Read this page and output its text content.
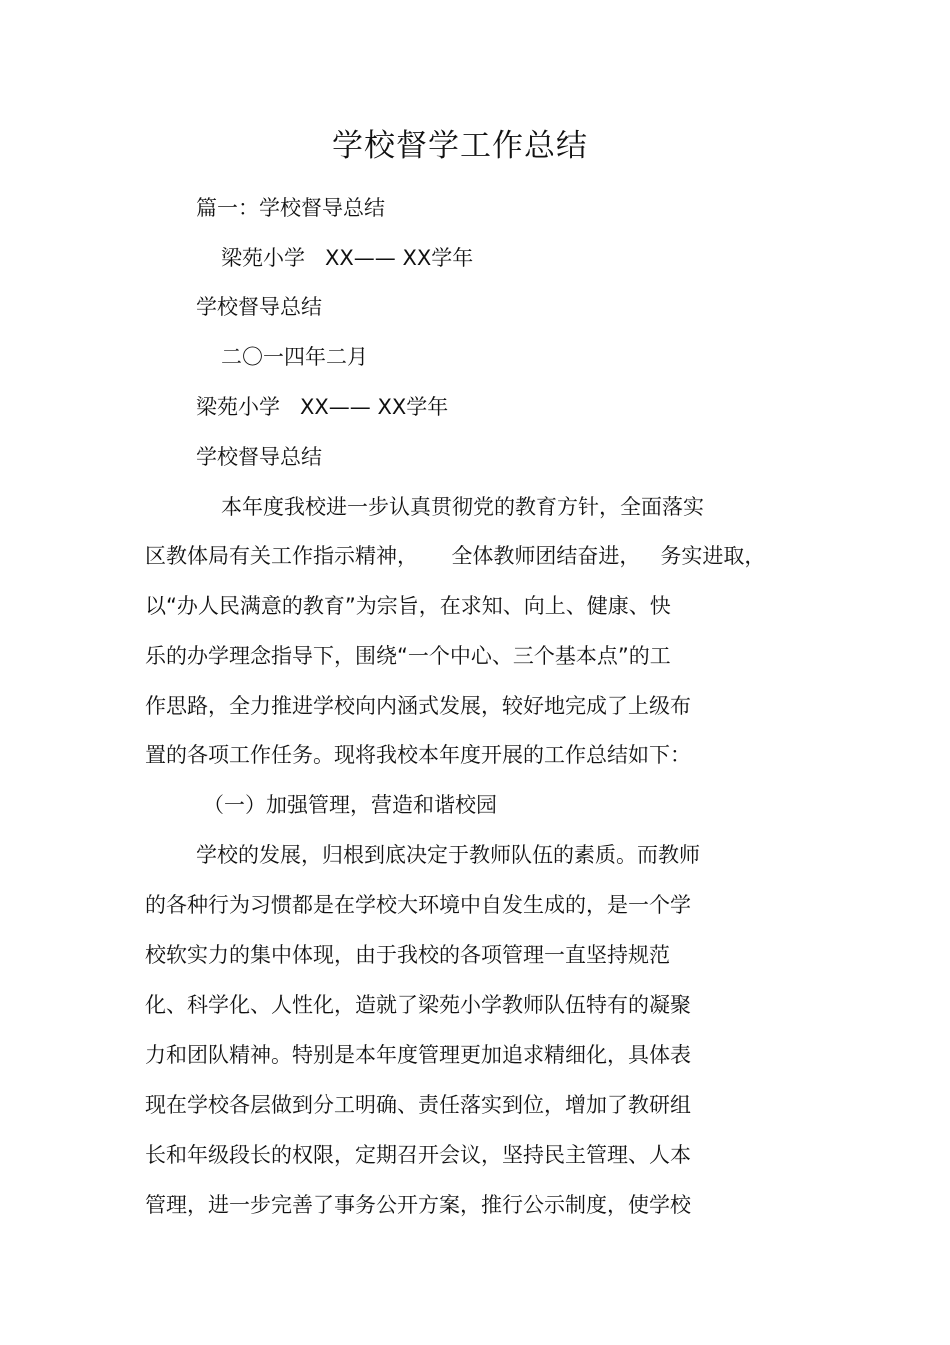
学校督学工作总结
篇一：学校督导总结
梁苑小学   XX—— XX学年
学校督导总结
二〇一四年二月
梁苑小学   XX—— XX学年
学校督导总结
本年度我校进一步认真贯彻党的教育方针，全面落实
区教体局有关工作指示精神，     全体教师团结奋进，   务实进取，
以“办人民满意的教育”为宗旨，在求知、向上、健康、快
乐的办学理念指导下，围绕“一个中心、三个基本点”的工
作思路，全力推进学校向内涵式发展，较好地完成了上级布
置的各项工作任务。现将我校本年度开展的工作总结如下：
（一）加强管理，营造和谐校园
学校的发展，归根到底决定于教师队伍的素质。而教师
的各种行为习惯都是在学校大环境中自发生成的，是一个学
校软实力的集中体现，由于我校的各项管理一直坚持规范
化、科学化、人性化，造就了梁苑小学教师队伍特有的凝聚
力和团队精神。特别是本年度管理更加追求精细化，具体表
现在学校各层做到分工明确、责任落实到位，增加了教研组
长和年级段长的权限，定期召开会议，坚持民主管理、人本
管理，进一步完善了事务公开方案，推行公示制度，使学校
